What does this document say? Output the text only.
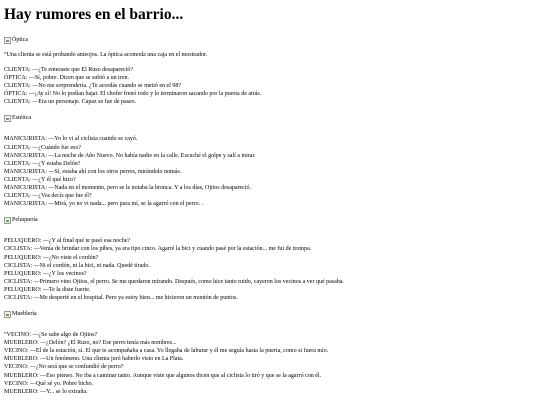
Hay rumores en el barrio...
Óptica
“Una clienta se está probando anteojos. La óptica acomoda una caja en el mostrador.
CLIENTA: —¿Te enteraste que El Ruso desapareció?
ÓPTICA: —Sí, pobre. Dicen que se subió a un tren.
CLIENTA: —No me sorprendería. ¿Te acordás cuando se metió en el 98?
ÓPTICA: —¡Ay sí! No lo podían bajar. El chofer frenó todo y lo terminaron sacando por la puerta de atrás.
CLIENTA: —Era un personaje. Capaz se fue de paseo.
Estética
MANICURISTA: —Yo lo vi al ciclista cuando se cayó.
CLIENTA: —¿Cuándo fue eso?
MANICURISTA: —La noche de Año Nuevo. No había nadie en la calle. Escuché el golpe y salí a mirar.
CLIENTA: —¿Y estaba Delón?
MANICURISTA: —Sí, estaba ahí con los otros perros, mirándolo nomás.
CLIENTA: —¿Y él qué hizo?
MANICURISTA: —Nada en el momento, pero se le notaba la bronca. Y a los días, Ojitos desapareció.
CLIENTA: —¿Vos decís que fue él?
MANICURISTA: —Mirá, yo no vi nada... pero para mí, se la agarró con el perro. .
Peluquería
PELUQUERO: —¿Y al final qué te pasó esa noche?
CICLISTA: —Venía de brindar con los pibes, ya era tipo cinco. Agarré la bici y cuando pasé por la estación... me fui de trompa.
PELUQUERO: —¿No viste el cordón?
CICLISTA: —Ni el cordón, ni la bici, ni nada. Quedé tirado.
PELUQUERO: —¿Y los vecinos?
CICLISTA: —Primero vino Ojitos, el perro. Se me quedaron mirando. Después, como hice tanto ruido, cayeron los vecinos a ver qué pasaba.
PELUQUERO: —Te la diste fuerte.
CICLISTA: —Me desperté en el hospital. Pero ya estoy bien... me hicieron un montón de puntos.
Mueblería
“VECINO: —¿Se sabe algo de Ojitos?
MUEBLERO: —¿Delón? ¿El Ruso, no? Ese perro tenía más nombres...
VECINO: —El de la estación, sí. El que te acompañaba a casa. Yo llegaba de laburar y él me seguía hasta la puerta, como si fuera mío.
MUEBLERO: —Un fenómeno. Una clienta juró haberlo visto en La Plata.
VECINO: —¿No será que se confundió de perro?
MUEBLERO: —Eso pienso. No iba a caminar tanto. Aunque viste que algunos dicen que al ciclista lo tiró y que se la agarró con él.
VECINO: —Qué sé yo. Pobre bicho.
MUEBLERO: —Y... se lo extraña.
